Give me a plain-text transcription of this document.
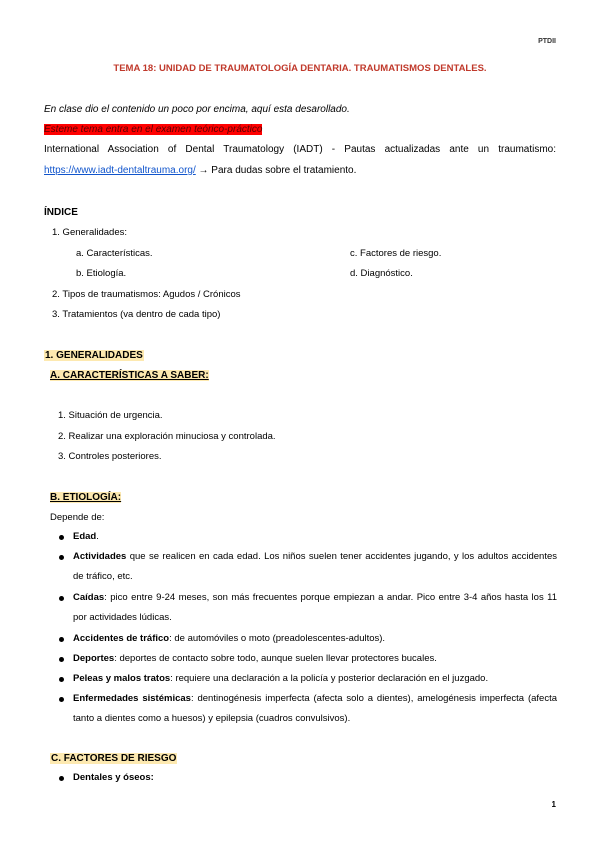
PTDII
TEMA 18: UNIDAD DE TRAUMATOLOGÍA DENTARIA. TRAUMATISMOS DENTALES.
En clase dio el contenido un poco por encima, aquí esta desarollado.
Esteme tema entra en el examen teórico-práctico
International Association of Dental Traumatology (IADT) - Pautas actualizadas ante un traumatismo:
https://www.iadt-dentaltrauma.org/ → Para dudas sobre el tratamiento.
ÍNDICE
1. Generalidades:
a. Características.
b. Etiología.
c. Factores de riesgo.
d. Diagnóstico.
2. Tipos de traumatismos: Agudos / Crónicos
3. Tratamientos (va dentro de cada tipo)
1. GENERALIDADES
A. CARACTERÍSTICAS A SABER:
1. Situación de urgencia.
2. Realizar una exploración minuciosa y controlada.
3. Controles posteriores.
B. ETIOLOGÍA:
Depende de:
Edad.
Actividades que se realicen en cada edad. Los niños suelen tener accidentes jugando, y los adultos accidentes de tráfico, etc.
Caídas: pico entre 9-24 meses, son más frecuentes porque empiezan a andar. Pico entre 3-4 años hasta los 11 por actividades lúdicas.
Accidentes de tráfico: de automóviles o moto (preadolescentes-adultos).
Deportes: deportes de contacto sobre todo, aunque suelen llevar protectores bucales.
Peleas y malos tratos: requiere una declaración a la policía y posterior declaración en el juzgado.
Enfermedades sistémicas: dentinogénesis imperfecta (afecta solo a dientes), amelogénesis imperfecta (afecta tanto a dientes como a huesos) y epilepsia (cuadros convulsivos).
C. FACTORES DE RIESGO
Dentales y óseos:
1
